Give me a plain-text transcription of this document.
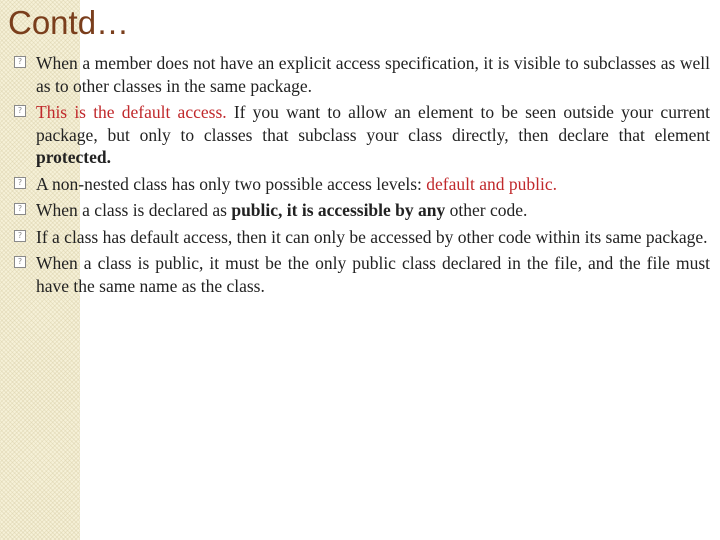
Contd…
? When a member does not have an explicit access specification, it is visible to subclasses as well as to other classes in the same package.
? This is the default access. If you want to allow an element to be seen outside your current package, but only to classes that subclass your class directly, then declare that element protected.
? A non-nested class has only two possible access levels: default and public.
? When a class is declared as public, it is accessible by any other code.
? If a class has default access, then it can only be accessed by other code within its same package.
? When a class is public, it must be the only public class declared in the file, and the file must have the same name as the class.
